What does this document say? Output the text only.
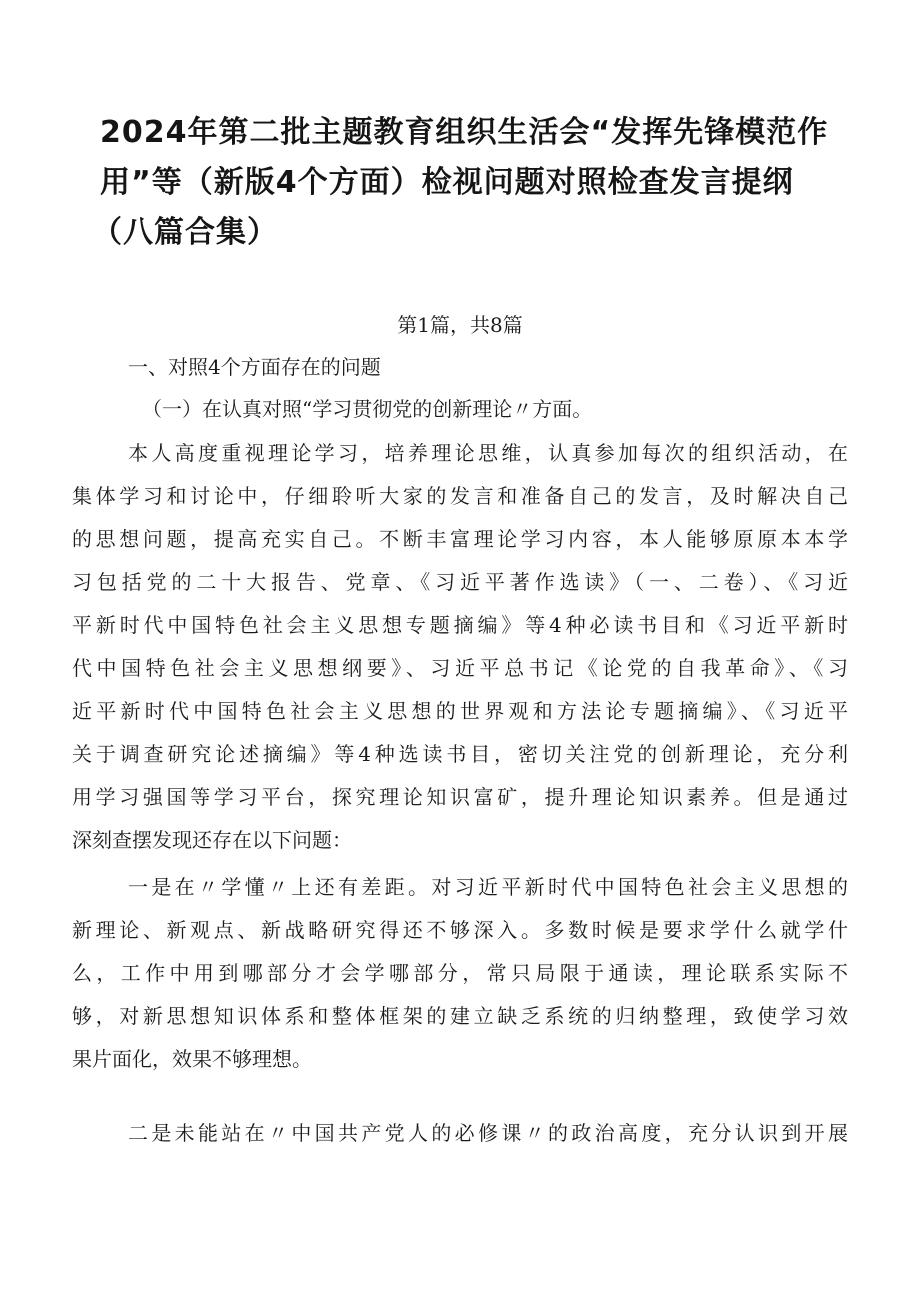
2024年第二批主题教育组织生活会“发挥先锋模范作
用”等（新版4个方面）检视问题对照检查发言提纲
（八篇合集）
第1篇，共8篇
一、对照4个方面存在的问题
（一）在认真对照“学习贯彻党的创新理论〃方面。
本人高度重视理论学习，培养理论思维，认真参加每次的组织活动，在
集体学习和讨论中，仔细聆听大家的发言和准备自己的发言，及时解决自己
的思想问题，提高充实自己。不断丰富理论学习内容，本人能够原原本本学
习包括党的二十大报告、党章、《习近平著作选读》（一、二卷）、《习近
平新时代中国特色社会主义思想专题摘编》等4种必读书目和《习近平新时
代中国特色社会主义思想纲要》、习近平总书记《论党的自我革命》、《习
近平新时代中国特色社会主义思想的世界观和方法论专题摘编》、《习近平
关于调查研究论述摘编》等4种选读书目，密切关注党的创新理论，充分利
用学习强国等学习平台，探究理论知识富矿，提升理论知识素养。但是通过
深刻查摆发现还存在以下问题：
一是在〃学懂〃上还有差距。对习近平新时代中国特色社会主义思想的
新理论、新观点、新战略研究得还不够深入。多数时候是要求学什么就学什
么，工作中用到哪部分才会学哪部分，常只局限于通读，理论联系实际不
够，对新思想知识体系和整体框架的建立缺乏系统的归纳整理，致使学习效
果片面化，效果不够理想。
二是未能站在〃中国共产党人的必修课〃的政治高度，充分认识到开展
